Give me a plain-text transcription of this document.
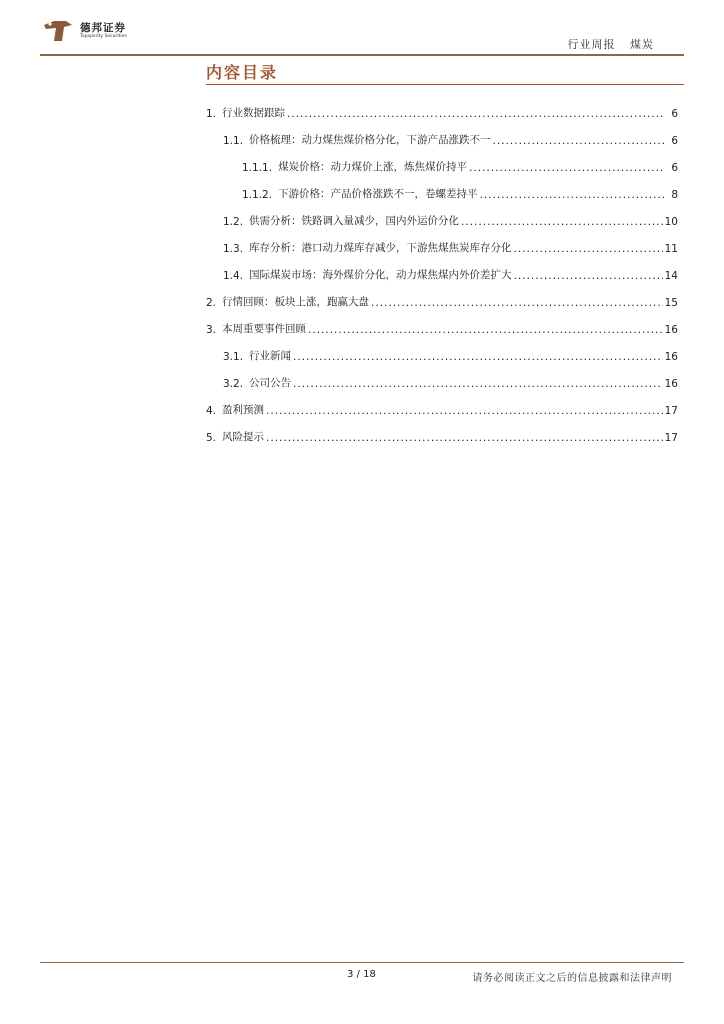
德邦证券
Topsperity Securities
行业周报 煤炭
内容目录
1. 行业数据跟踪 .....	6
1.1. 价格梳理：动力煤焦煤价格分化，下游产品涨跌不一 .....	6
1.1.1. 煤炭价格：动力煤价上涨，炼焦煤价持平 .....	6
1.1.2. 下游价格：产品价格涨跌不一，卷螺差持平 .....	8
1.2. 供需分析：铁路调入量减少，国内外运价分化 .....	10
1.3. 库存分析：港口动力煤库存减少，下游焦煤焦炭库存分化 .....	11
1.4. 国际煤炭市场：海外煤价分化，动力煤焦煤内外价差扩大 .....	14
2. 行情回顾：板块上涨，跑赢大盘 .....	15
3. 本周重要事件回顾 .....	16
3.1. 行业新闻 .....	16
3.2. 公司公告 .....	16
4. 盈利预测 .....	17
5. 风险提示 .....	17
3 / 18	请务必阅读正文之后的信息披露和法律声明
